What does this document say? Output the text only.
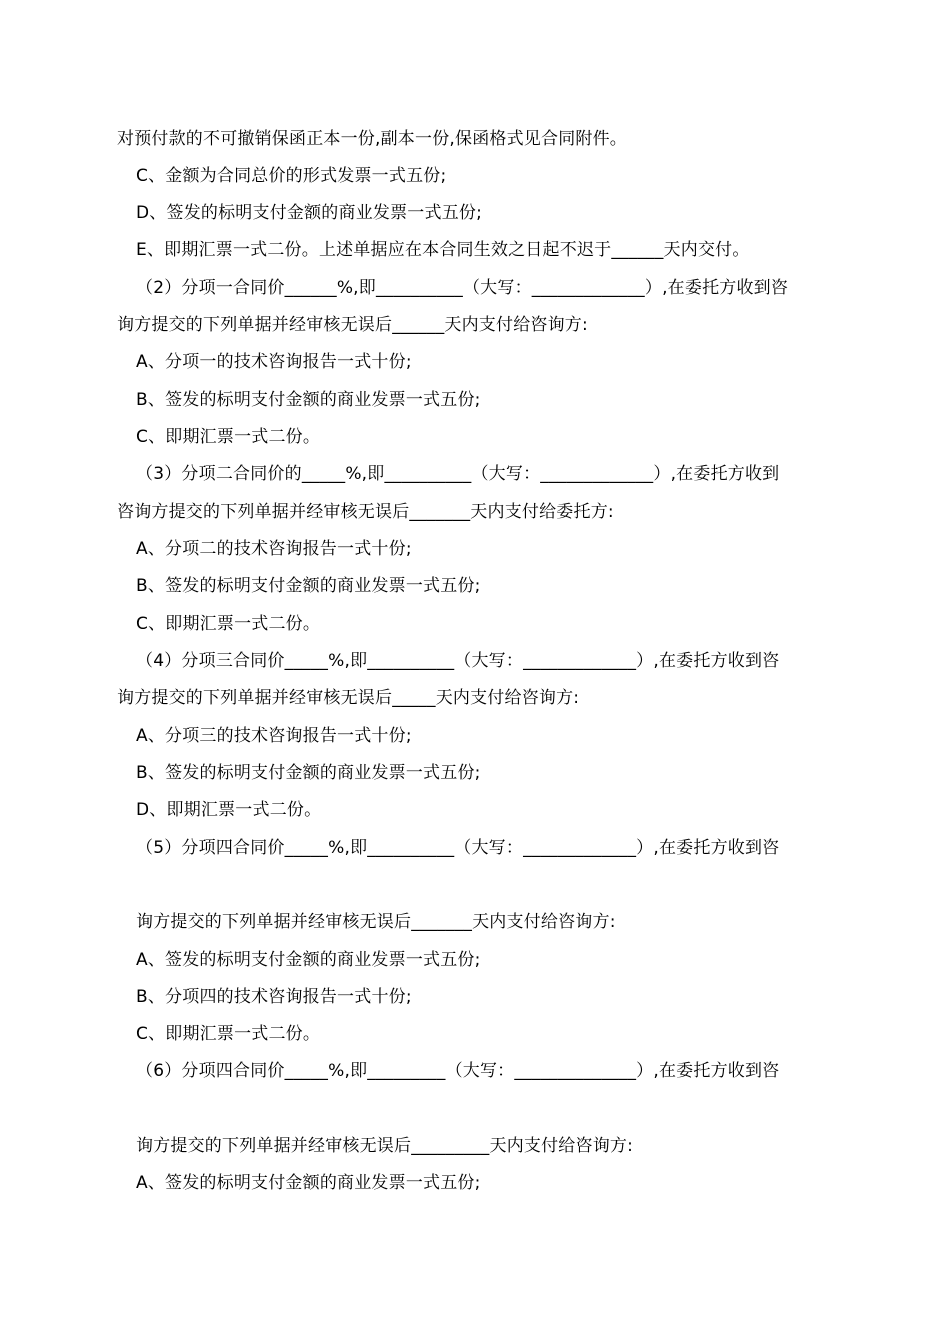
对预付款的不可撤销保函正本一份,副本一份,保函格式见合同附件。
C、金额为合同总价的形式发票一式五份;
D、签发的标明支付金额的商业发票一式五份;
E、即期汇票一式二份。上述单据应在本合同生效之日起不迟于______天内交付。
（2）分项一合同价______%,即__________（大写：_____________）,在委托方收到咨
询方提交的下列单据并经审核无误后______天内支付给咨询方:
A、分项一的技术咨询报告一式十份;
B、签发的标明支付金额的商业发票一式五份;
C、即期汇票一式二份。
（3）分项二合同价的_____%,即__________（大写：_____________）,在委托方收到
咨询方提交的下列单据并经审核无误后_______天内支付给委托方:
A、分项二的技术咨询报告一式十份;
B、签发的标明支付金额的商业发票一式五份;
C、即期汇票一式二份。
（4）分项三合同价_____%,即__________（大写：_____________）,在委托方收到咨
询方提交的下列单据并经审核无误后_____天内支付给咨询方:
A、分项三的技术咨询报告一式十份;
B、签发的标明支付金额的商业发票一式五份;
D、即期汇票一式二份。
（5）分项四合同价_____%,即__________（大写：_____________）,在委托方收到咨
询方提交的下列单据并经审核无误后_______天内支付给咨询方:
A、签发的标明支付金额的商业发票一式五份;
B、分项四的技术咨询报告一式十份;
C、即期汇票一式二份。
（6）分项四合同价_____%,即_________（大写：______________）,在委托方收到咨
询方提交的下列单据并经审核无误后_________天内支付给咨询方:
A、签发的标明支付金额的商业发票一式五份;
